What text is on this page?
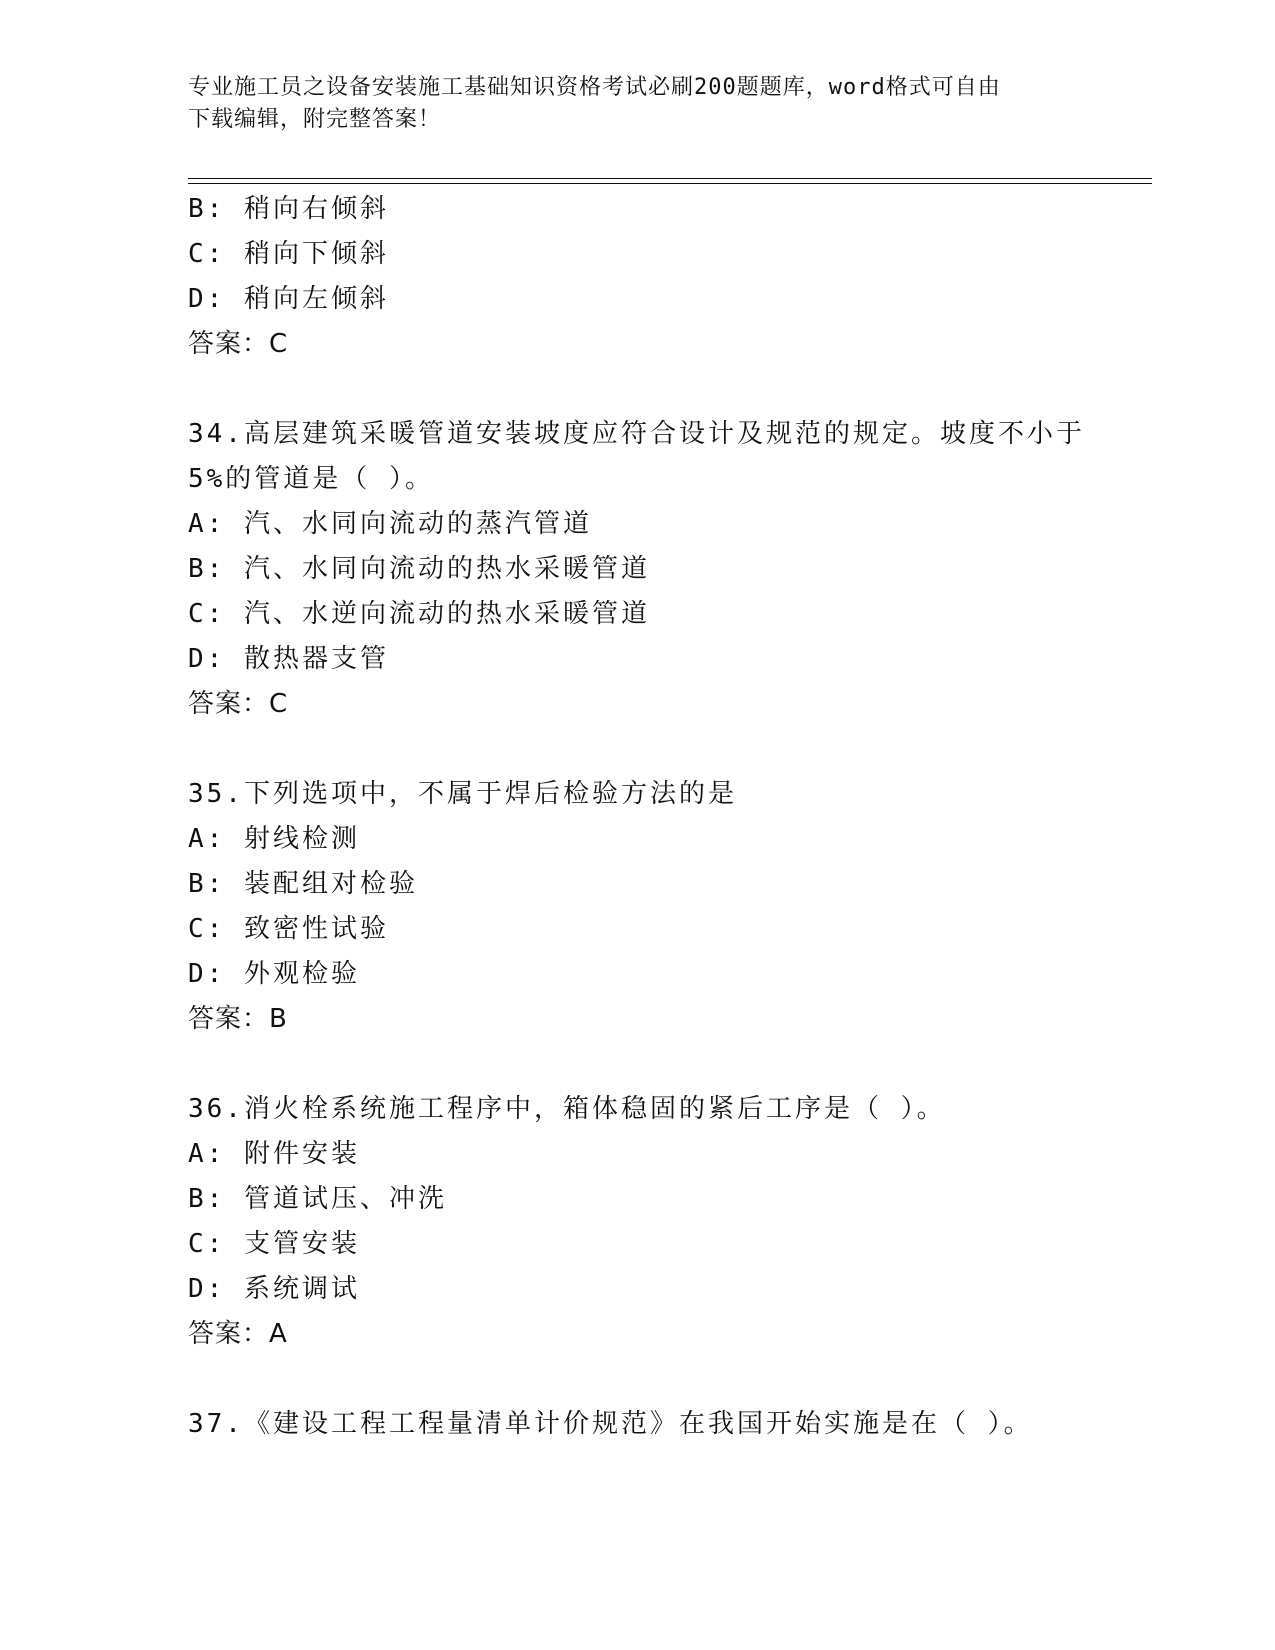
专业施工员之设备安装施工基础知识资格考试必刷200题题库，word格式可自由
下载编辑，附完整答案！
B: 稍向右倾斜
C: 稍向下倾斜
D: 稍向左倾斜
答案：C
34.高层建筑采暖管道安装坡度应符合设计及规范的规定。坡度不小于
5%的管道是（ ）。
A: 汽、水同向流动的蒸汽管道
B: 汽、水同向流动的热水采暖管道
C: 汽、水逆向流动的热水采暖管道
D: 散热器支管
答案：C
35.下列选项中，不属于焊后检验方法的是
A: 射线检测
B: 装配组对检验
C: 致密性试验
D: 外观检验
答案：B
36.消火栓系统施工程序中，箱体稳固的紧后工序是（ ）。
A: 附件安装
B: 管道试压、冲洗
C: 支管安装
D: 系统调试
答案：A
37.《建设工程工程量清单计价规范》在我国开始实施是在（ ）。
